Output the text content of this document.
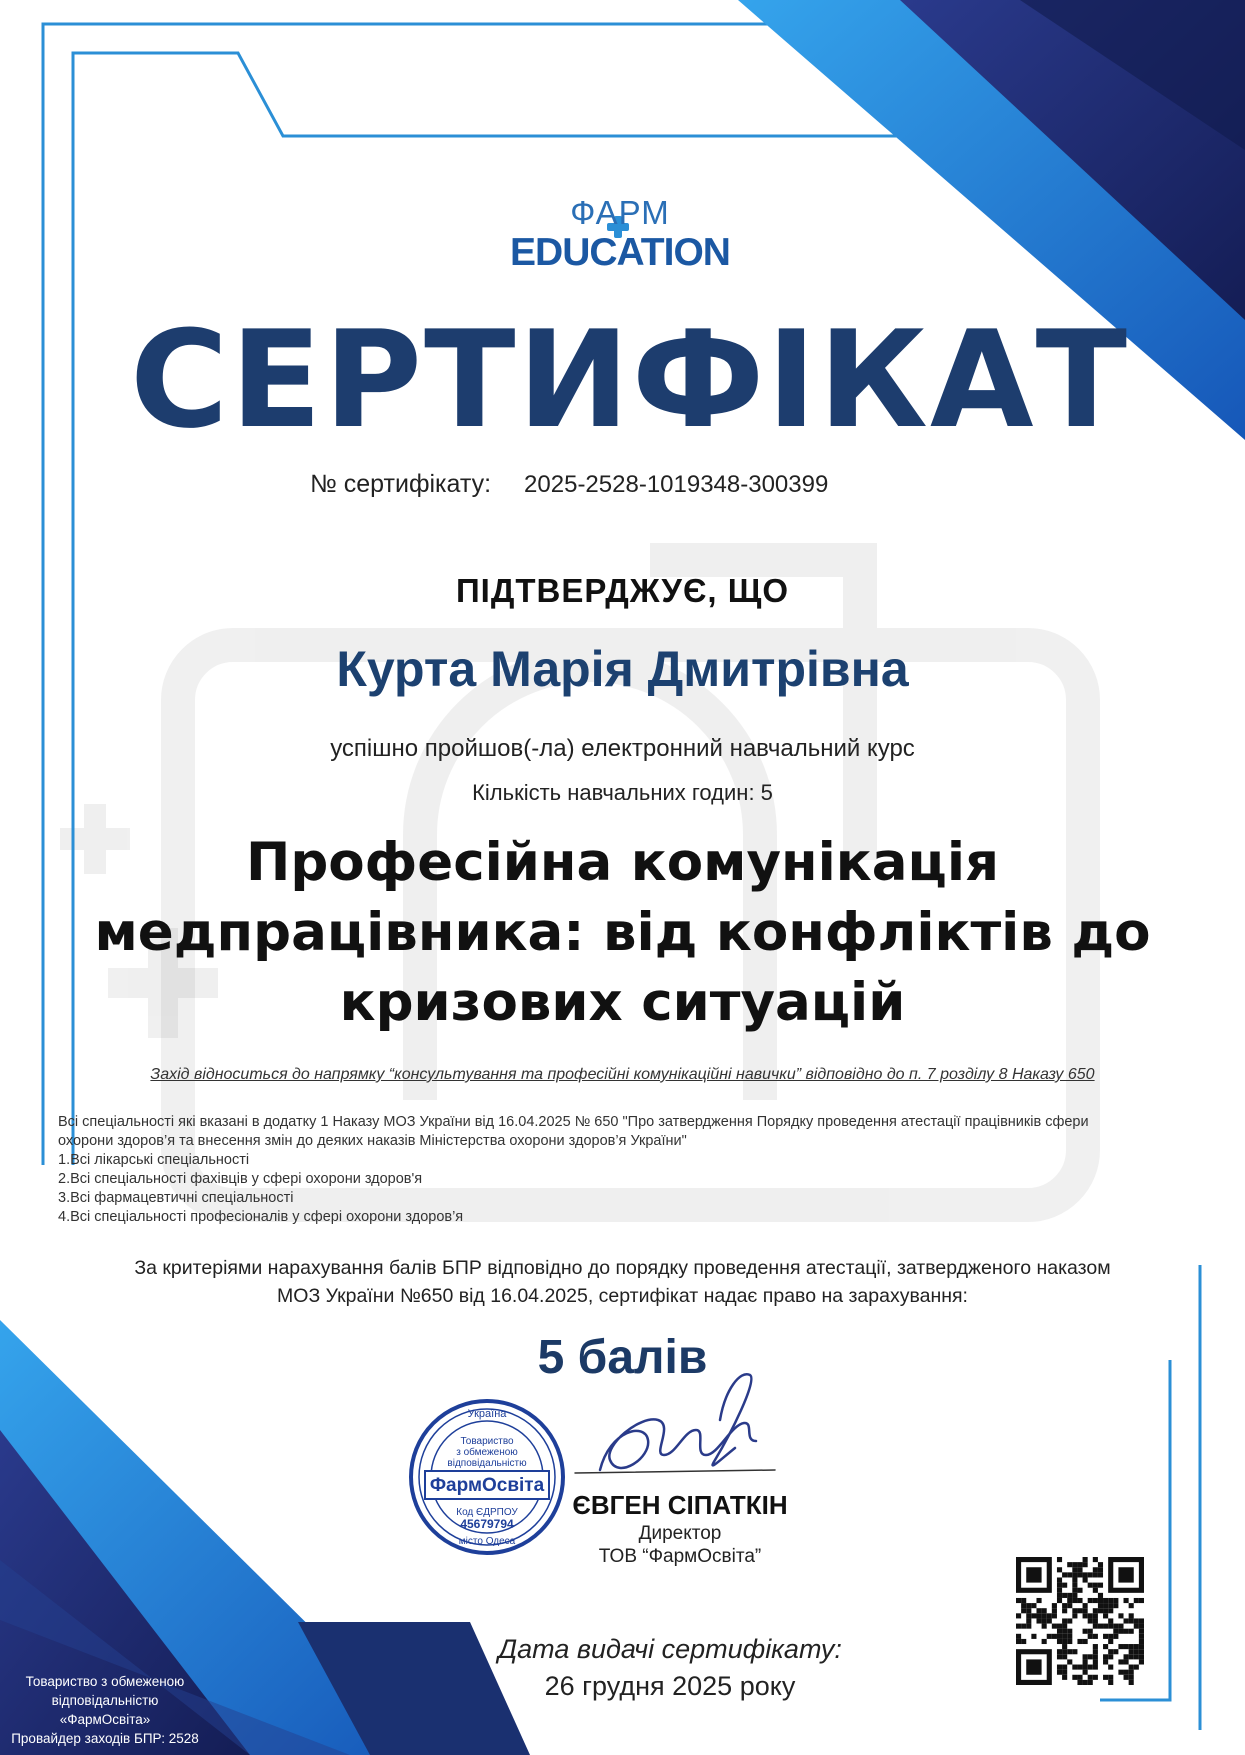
Україна
Товариство
з обмеженою
відповідальністю
ФармОсвіта
Код ЄДРПОУ
45679794
місто Одеса
ФАРМ
EDUCATION
СЕРТИФІКАТ
№ сертифікату: 2025-2528-1019348-300399
ПІДТВЕРДЖУЄ, ЩО
Курта Марія Дмитрівна
успішно пройшов(-ла) електронний навчальний курс
Кількість навчальних годин: 5
Професійна комунікація
медпрацівника: від конфліктів до
кризових ситуацій
Захід відноситься до напрямку “консультування та професійні комунікаційні навички” відповідно до п. 7 розділу 8 Наказу 650
Всі спеціальності які вказані в додатку 1 Наказу МОЗ України від 16.04.2025 № 650 "Про затвердження Порядку проведення атестації працівників сфери
охорони здоров’я та внесення змін до деяких наказів Міністерства охорони здоров’я України"
1.Всі лікарські спеціальності
2.Всі спеціальності фахівців у сфері охорони здоров'я
3.Всі фармацевтичні спеціальності
4.Всі спеціальності професіоналів у сфері охорони здоров’я
За критеріями нарахування балів БПР відповідно до порядку проведення атестації, затвердженого наказом
МОЗ України №650 від 16.04.2025, сертифікат надає право на зарахування:
5 балів
ЄВГЕН СІПАТКІН
Директор
ТОВ “ФармОсвіта”
Дата видачі сертифікату:
26 грудня 2025 року
Товариство з обмеженою
відповідальністю
«ФармОсвіта»
Провайдер заходів БПР: 2528
